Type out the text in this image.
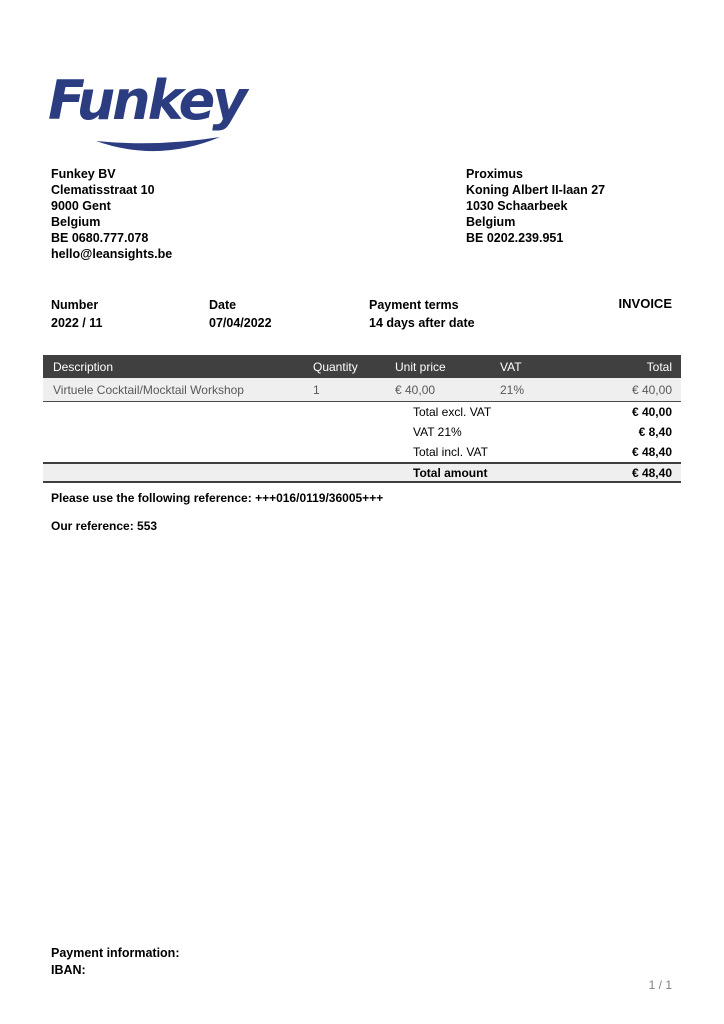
Funkey
Funkey BV
Clematisstraat 10
9000 Gent
Belgium
BE 0680.777.078
hello@leansights.be
Proximus
Koning Albert II-laan 27
1030 Schaarbeek
Belgium
BE 0202.239.951
Number
2022 / 11
Date
07/04/2022
Payment terms
14 days after date
INVOICE
Description	Quantity	Unit price	VAT	Total
Virtuele Cocktail/Mocktail Workshop	1	€ 40,00	21%	€ 40,00
Total excl. VAT	€ 40,00
VAT 21%	€ 8,40
Total incl. VAT	€ 48,40
Total amount	€ 48,40
Please use the following reference: +++016/0119/36005+++
Our reference: 553
Payment information:
IBAN:
1 / 1
